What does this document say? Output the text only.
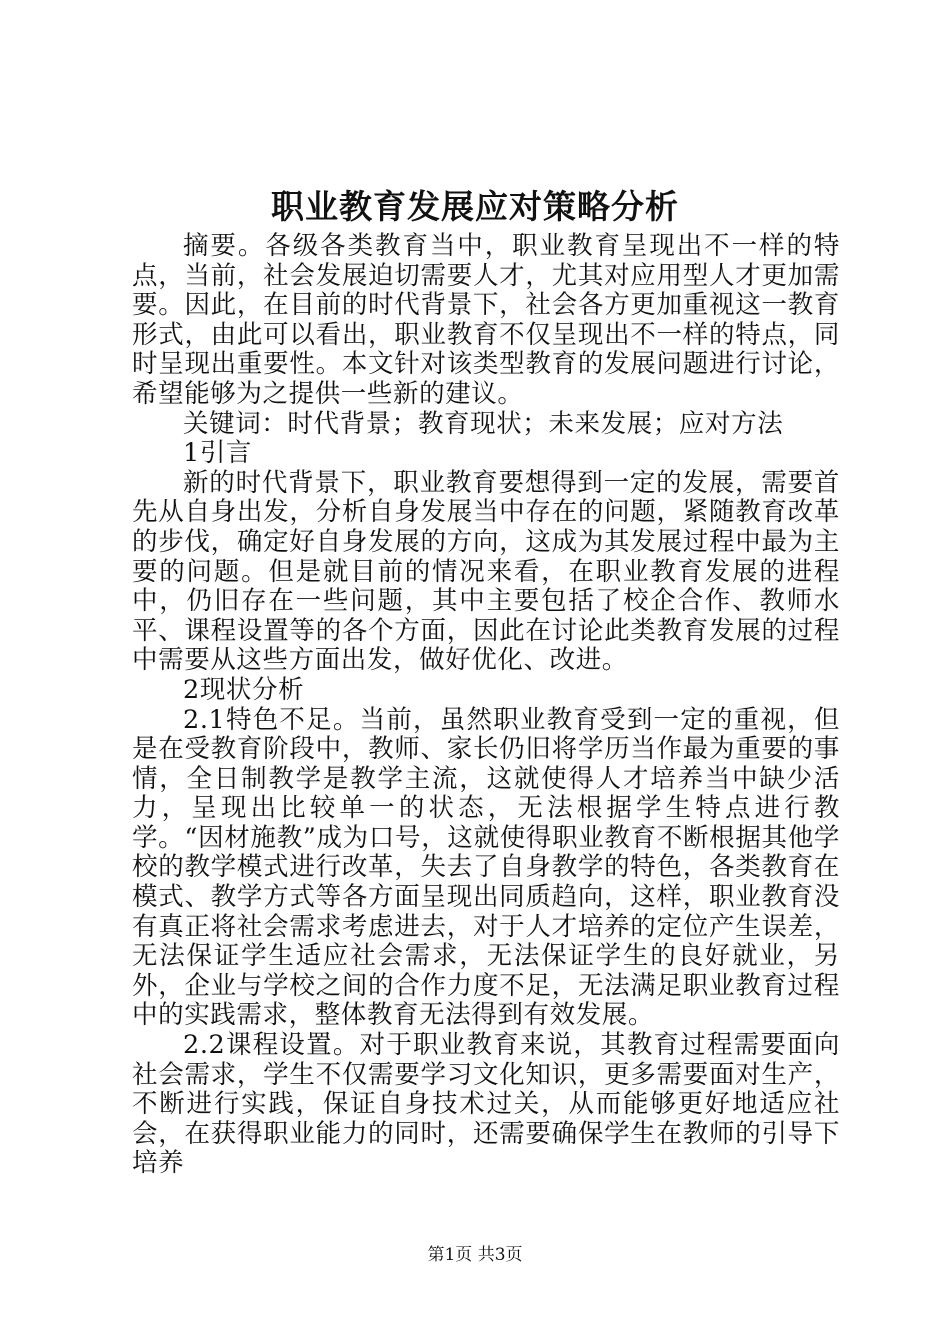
职业教育发展应对策略分析

摘要。各级各类教育当中，职业教育呈现出不一样的特点，当前，社会发展迫切需要人才，尤其对应用型人才更加需要。因此，在目前的时代背景下，社会各方更加重视这一教育形式，由此可以看出，职业教育不仅呈现出不一样的特点，同时呈现出重要性。本文针对该类型教育的发展问题进行讨论，希望能够为之提供一些新的建议。

关键词：时代背景；教育现状；未来发展；应对方法

1引言

新的时代背景下，职业教育要想得到一定的发展，需要首先从自身出发，分析自身发展当中存在的问题，紧随教育改革的步伐，确定好自身发展的方向，这成为其发展过程中最为主要的问题。但是就目前的情况来看，在职业教育发展的进程中，仍旧存在一些问题，其中主要包括了校企合作、教师水平、课程设置等的各个方面，因此在讨论此类教育发展的过程中需要从这些方面出发，做好优化、改进。

2现状分析

2.1特色不足。当前，虽然职业教育受到一定的重视，但是在受教育阶段中，教师、家长仍旧将学历当作最为重要的事情，全日制教学是教学主流，这就使得人才培养当中缺少活力，呈现出比较单一的状态，无法根据学生特点进行教学。“因材施教”成为口号，这就使得职业教育不断根据其他学校的教学模式进行改革，失去了自身教学的特色，各类教育在模式、教学方式等各方面呈现出同质趋向，这样，职业教育没有真正将社会需求考虑进去，对于人才培养的定位产生误差，无法保证学生适应社会需求，无法保证学生的良好就业，另外，企业与学校之间的合作力度不足，无法满足职业教育过程中的实践需求，整体教育无法得到有效发展。

2.2课程设置。对于职业教育来说，其教育过程需要面向社会需求，学生不仅需要学习文化知识，更多需要面对生产，不断进行实践，保证自身技术过关，从而能够更好地适应社会，在获得职业能力的同时，还需要确保学生在教师的引导下培养

第1页 共3页
